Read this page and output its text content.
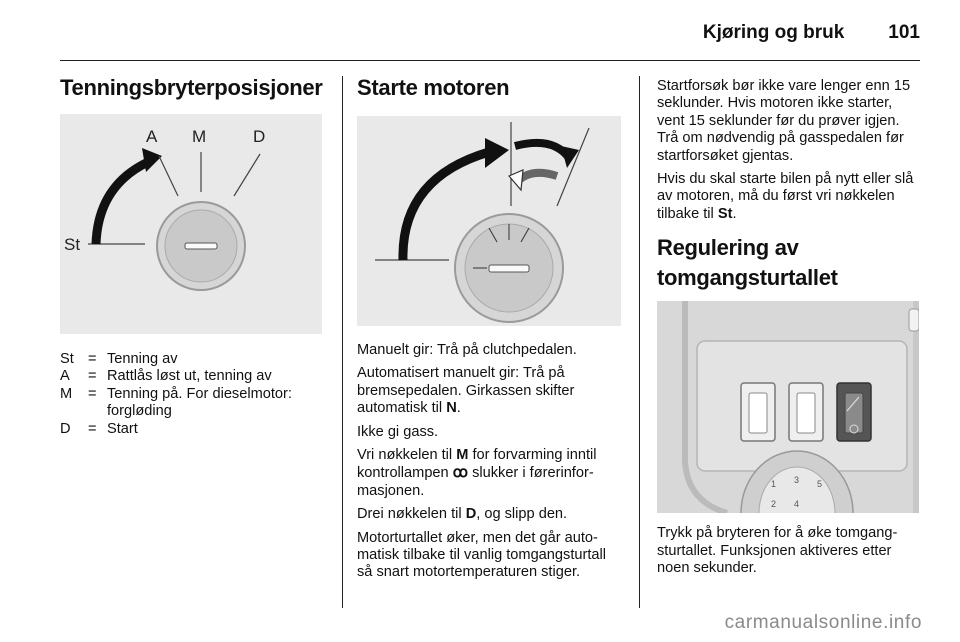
Kjøring og bruk 101
Tenningsbryterposisjoner
A M	D
St
St	=	Tenning av
A	=	Rattlås løst ut, tenning av
M	=	Tenning på. For dieselmotor: forgløding
D	=	Start
Starte motoren

Manuelt gir: Trå på clutchpedalen.

Automatisert manuelt gir: Trå på bremsepedalen. Girkassen skifter automatisk til N.

Ikke gi gass.

Vri nøkkelen til M for forvarming inntil kontrollampen ꝏ slukker i førerinformasjonen.

Drei nøkkelen til D, og slipp den.

Motorturtallet øker, men det går automatisk tilbake til vanlig tomgangsturtall så snart motortemperaturen stiger.

Startforsøk bør ikke vare lenger enn 15 seklunder. Hvis motoren ikke starter, vent 15 seklunder før du prøver igjen. Trå om nødvendig på gasspedalen før startforsøket gjentas.

Hvis du skal starte bilen på nytt eller slå av motoren, må du først vri nøkkelen tilbake til St.

Regulering av
tomgangsturtallet
1 3 5
2 4

Trykk på bryteren for å øke tomgangsturtallet. Funksjonen aktiveres etter noen sekunder.

carmanualsonline.info
